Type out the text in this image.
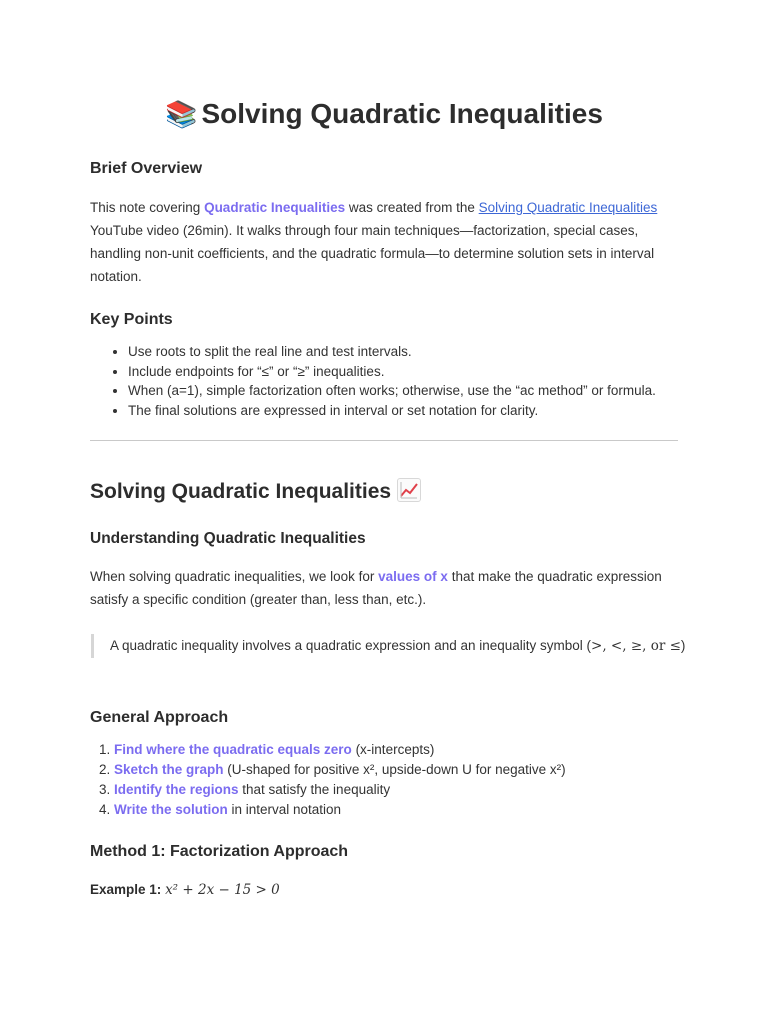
📚 Solving Quadratic Inequalities
Brief Overview

This note covering Quadratic Inequalities was created from the Solving Quadratic Inequalities YouTube video (26min). It walks through four main techniques—factorization, special cases, handling non-unit coefficients, and the quadratic formula—to determine solution sets in interval notation.

Key Points
• Use roots to split the real line and test intervals.
• Include endpoints for “≤” or “≥” inequalities.
• When (a=1), simple factorization often works; otherwise, use the “ac method” or formula.
• The final solutions are expressed in interval or set notation for clarity.
Solving Quadratic Inequalities
Understanding Quadratic Inequalities

When solving quadratic inequalities, we look for values of x that make the quadratic expression satisfy a specific condition (greater than, less than, etc.).

A quadratic inequality involves a quadratic expression and an inequality symbol (>, <, ≥, or ≤)
General Approach
1. Find where the quadratic equals zero (x-intercepts)
2. Sketch the graph (U-shaped for positive x², upside-down U for negative x²)
3. Identify the regions that satisfy the inequality
4. Write the solution in interval notation
Method 1: Factorization Approach
Example 1: x² + 2x − 15 > 0
